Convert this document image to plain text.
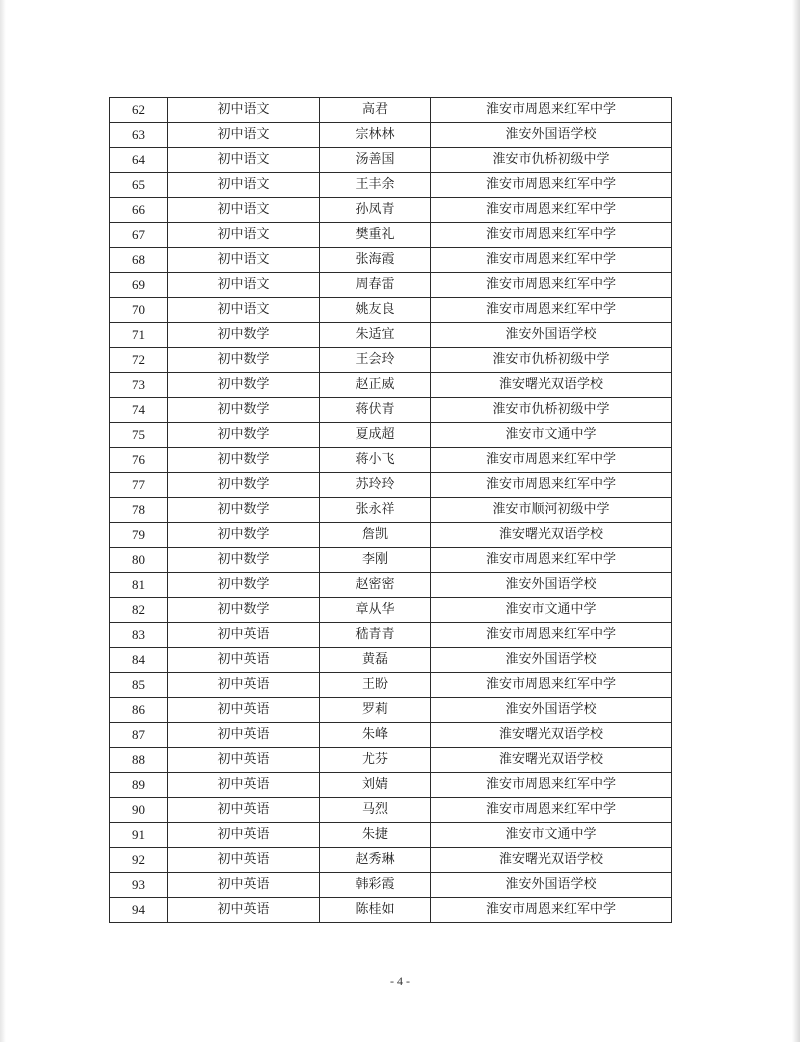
62	初中语文	高君	淮安市周恩来红军中学
63	初中语文	宗林林	淮安外国语学校
64	初中语文	汤善国	淮安市仇桥初级中学
65	初中语文	王丰余	淮安市周恩来红军中学
66	初中语文	孙凤青	淮安市周恩来红军中学
67	初中语文	樊重礼	淮安市周恩来红军中学
68	初中语文	张海霞	淮安市周恩来红军中学
69	初中语文	周春雷	淮安市周恩来红军中学
70	初中语文	姚友良	淮安市周恩来红军中学
71	初中数学	朱适宜	淮安外国语学校
72	初中数学	王会玲	淮安市仇桥初级中学
73	初中数学	赵正威	淮安曙光双语学校
74	初中数学	蒋伏青	淮安市仇桥初级中学
75	初中数学	夏成超	淮安市文通中学
76	初中数学	蒋小飞	淮安市周恩来红军中学
77	初中数学	苏玲玲	淮安市周恩来红军中学
78	初中数学	张永祥	淮安市顺河初级中学
79	初中数学	詹凯	淮安曙光双语学校
80	初中数学	李刚	淮安市周恩来红军中学
81	初中数学	赵密密	淮安外国语学校
82	初中数学	章从华	淮安市文通中学
83	初中英语	嵇青青	淮安市周恩来红军中学
84	初中英语	黄磊	淮安外国语学校
85	初中英语	王盼	淮安市周恩来红军中学
86	初中英语	罗莉	淮安外国语学校
87	初中英语	朱峰	淮安曙光双语学校
88	初中英语	尤芬	淮安曙光双语学校
89	初中英语	刘婧	淮安市周恩来红军中学
90	初中英语	马烈	淮安市周恩来红军中学
91	初中英语	朱捷	淮安市文通中学
92	初中英语	赵秀琳	淮安曙光双语学校
93	初中英语	韩彩霞	淮安外国语学校
94	初中英语	陈桂如	淮安市周恩来红军中学
- 4 -
